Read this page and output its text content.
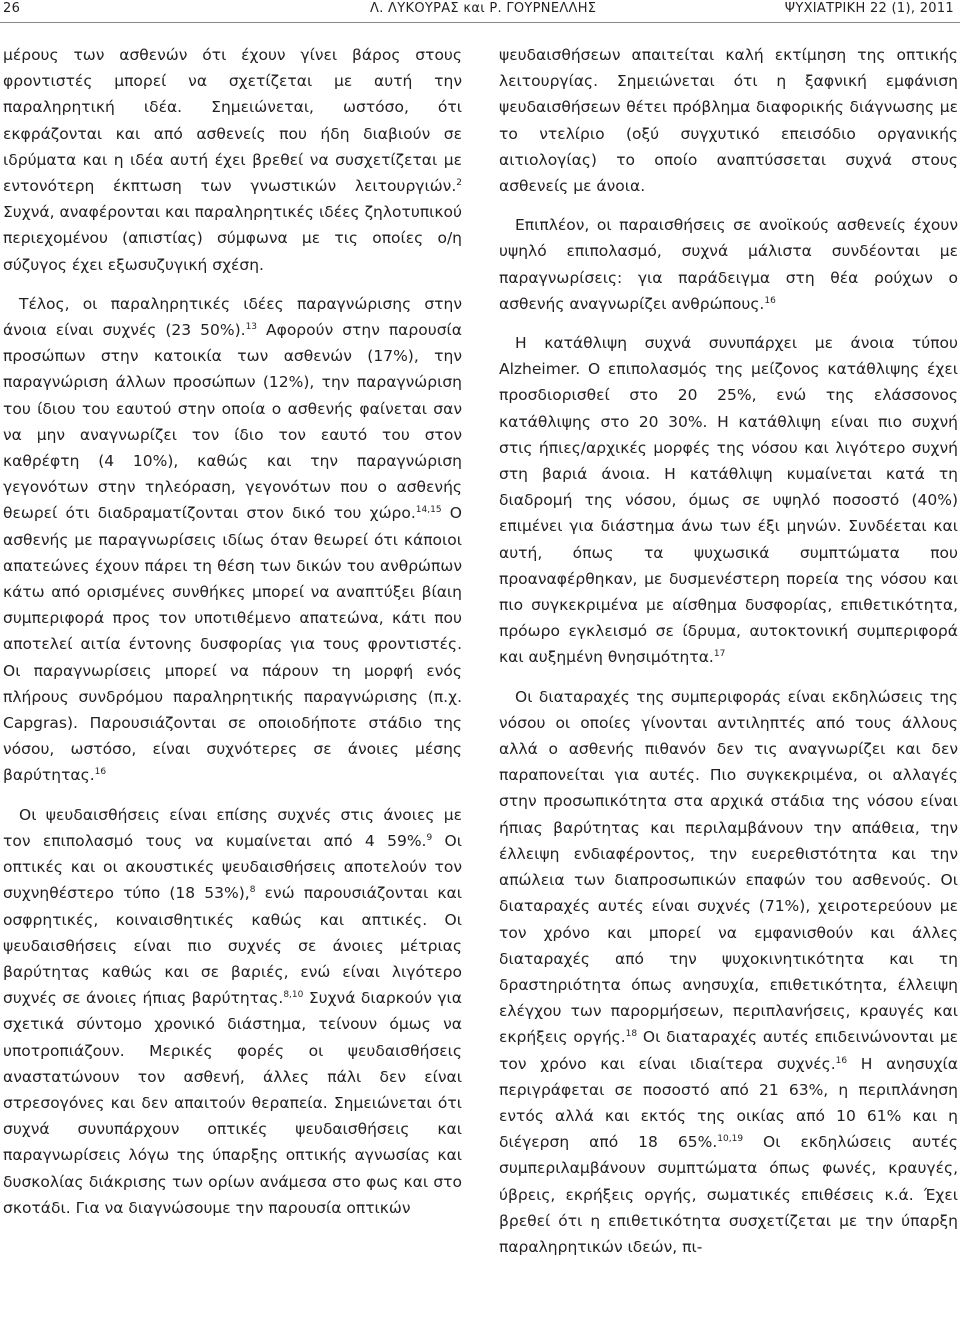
26	Λ. ΛΥΚΟΥΡΑΣ και Ρ. ΓΟΥΡΝΕΛΛΗΣ	ΨΥΧΙΑΤΡΙΚΗ 22 (1), 2011

μέρους των ασθενών ότι έχουν γίνει βάρος στους φροντιστές μπορεί να σχετίζεται με αυτή την παραληρητική ιδέα. Σημειώνεται, ωστόσο, ότι εκφράζονται και από ασθενείς που ήδη διαβιούν σε ιδρύματα και η ιδέα αυτή έχει βρεθεί να συσχετίζεται με εντονότερη έκπτωση των γνωστικών λειτουργιών.$^2$ Συχνά, αναφέρονται και παραληρητικές ιδέες ζηλοτυπικού περιεχομένου (απιστίας) σύμφωνα με τις οποίες ο/η σύζυγος έχει εξωσυζυγική σχέση.

Τέλος, οι παραληρητικές ιδέες παραγνώρισης στην άνοια είναι συχνές (23 50%).$^{13}$ Αφορούν στην παρουσία προσώπων στην κατοικία των ασθενών (17%), την παραγνώριση άλλων προσώπων (12%), την παραγνώριση του ίδιου του εαυτού στην οποία ο ασθενής φαίνεται σαν να μην αναγνωρίζει τον ίδιο τον εαυτό του στον καθρέφτη (4 10%), καθώς και την παραγνώριση γεγονότων στην τηλεόραση, γεγονότων που ο ασθενής θεωρεί ότι διαδραματίζονται στον δικό του χώρο.$^{14,15}$ Ο ασθενής με παραγνωρίσεις ιδίως όταν θεωρεί ότι κάποιοι απατεώνες έχουν πάρει τη θέση των δικών του ανθρώπων κάτω από ορισμένες συνθήκες μπορεί να αναπτύξει βίαιη συμπεριφορά προς τον υποτιθέμενο απατεώνα, κάτι που αποτελεί αιτία έντονης δυσφορίας για τους φροντιστές. Οι παραγνωρίσεις μπορεί να πάρουν τη μορφή ενός πλήρους συνδρόμου παραληρητικής παραγνώρισης (π.χ. Capgras). Παρουσιάζονται σε οποιοδήποτε στάδιο της νόσου, ωστόσο, είναι συχνότερες σε άνοιες μέσης βαρύτητας.$^{16}$

Οι ψευδαισθήσεις είναι επίσης συχνές στις άνοιες με τον επιπολασμό τους να κυμαίνεται από 4 59%.$^9$ Οι οπτικές και οι ακουστικές ψευδαισθήσεις αποτελούν τον συχνηθέστερο τύπο (18 53%),$^8$ ενώ παρουσιάζονται και οσφρητικές, κοιναισθητικές καθώς και απτικές. Οι ψευδαισθήσεις είναι πιο συχνές σε άνοιες μέτριας βαρύτητας καθώς και σε βαριές, ενώ είναι λιγότερο συχνές σε άνοιες ήπιας βαρύτητας.$^{8,10}$ Συχνά διαρκούν για σχετικά σύντομο χρονικό διάστημα, τείνουν όμως να υποτροπιάζουν. Μερικές φορές οι ψευδαισθήσεις αναστατώνουν τον ασθενή, άλλες πάλι δεν είναι στρεσογόνες και δεν απαιτούν θεραπεία. Σημειώνεται ότι συχνά συνυπάρχουν οπτικές ψευδαισθήσεις και παραγνωρίσεις λόγω της ύπαρξης οπτικής αγνωσίας και δυσκολίας διάκρισης των ορίων ανάμεσα στο φως και στο σκοτάδι. Για να διαγνώσουμε την παρουσία οπτικών

ψευδαισθήσεων απαιτείται καλή εκτίμηση της οπτικής λειτουργίας. Σημειώνεται ότι η ξαφνική εμφάνιση ψευδαισθήσεων θέτει πρόβλημα διαφορικής διάγνωσης με το ντελίριο (οξύ συγχυτικό επεισόδιο οργανικής αιτιολογίας) το οποίο αναπτύσσεται συχνά στους ασθενείς με άνοια.

Επιπλέον, οι παραισθήσεις σε ανοϊκούς ασθενείς έχουν υψηλό επιπολασμό, συχνά μάλιστα συνδέονται με παραγνωρίσεις: για παράδειγμα στη θέα ρούχων ο ασθενής αναγνωρίζει ανθρώπους.$^{16}$

Η κατάθλιψη συχνά συνυπάρχει με άνοια τύπου Alzheimer. Ο επιπολασμός της μείζονος κατάθλιψης έχει προσδιορισθεί στο 20 25%, ενώ της ελάσσονος κατάθλιψης στο 20 30%. Η κατάθλιψη είναι πιο συχνή στις ήπιες/αρχικές μορφές της νόσου και λιγότερο συχνή στη βαριά άνοια. Η κατάθλιψη κυμαίνεται κατά τη διαδρομή της νόσου, όμως σε υψηλό ποσοστό (40%) επιμένει για διάστημα άνω των έξι μηνών. Συνδέεται και αυτή, όπως τα ψυχωσικά συμπτώματα που προαναφέρθηκαν, με δυσμενέστερη πορεία της νόσου και πιο συγκεκριμένα με αίσθημα δυσφορίας, επιθετικότητα, πρόωρο εγκλεισμό σε ίδρυμα, αυτοκτονική συμπεριφορά και αυξημένη θνησιμότητα.$^{17}$

Οι διαταραχές της συμπεριφοράς είναι εκδηλώσεις της νόσου οι οποίες γίνονται αντιληπτές από τους άλλους αλλά ο ασθενής πιθανόν δεν τις αναγνωρίζει και δεν παραπονείται για αυτές. Πιο συγκεκριμένα, οι αλλαγές στην προσωπικότητα στα αρχικά στάδια της νόσου είναι ήπιας βαρύτητας και περιλαμβάνουν την απάθεια, την έλλειψη ενδιαφέροντος, την ευερεθιστότητα και την απώλεια των διαπροσωπικών επαφών του ασθενούς. Οι διαταραχές αυτές είναι συχνές (71%), χειροτερεύουν με τον χρόνο και μπορεί να εμφανισθούν και άλλες διαταραχές από την ψυχοκινητικότητα και τη δραστηριότητα όπως ανησυχία, επιθετικότητα, έλλειψη ελέγχου των παρορμήσεων, περιπλανήσεις, κραυγές και εκρήξεις οργής.$^{18}$ Οι διαταραχές αυτές επιδεινώνονται με τον χρόνο και είναι ιδιαίτερα συχνές.$^{16}$ Η ανησυχία περιγράφεται σε ποσοστό από 21 63%, η περιπλάνηση εντός αλλά και εκτός της οικίας από 10 61% και η διέγερση από 18 65%.$^{10,19}$ Οι εκδηλώσεις αυτές συμπεριλαμβάνουν συμπτώματα όπως φωνές, κραυγές, ύβρεις, εκρήξεις οργής, σωματικές επιθέσεις κ.ά. Έχει βρεθεί ότι η επιθετικότητα συσχετίζεται με την ύπαρξη παραληρητικών ιδεών, πι-
